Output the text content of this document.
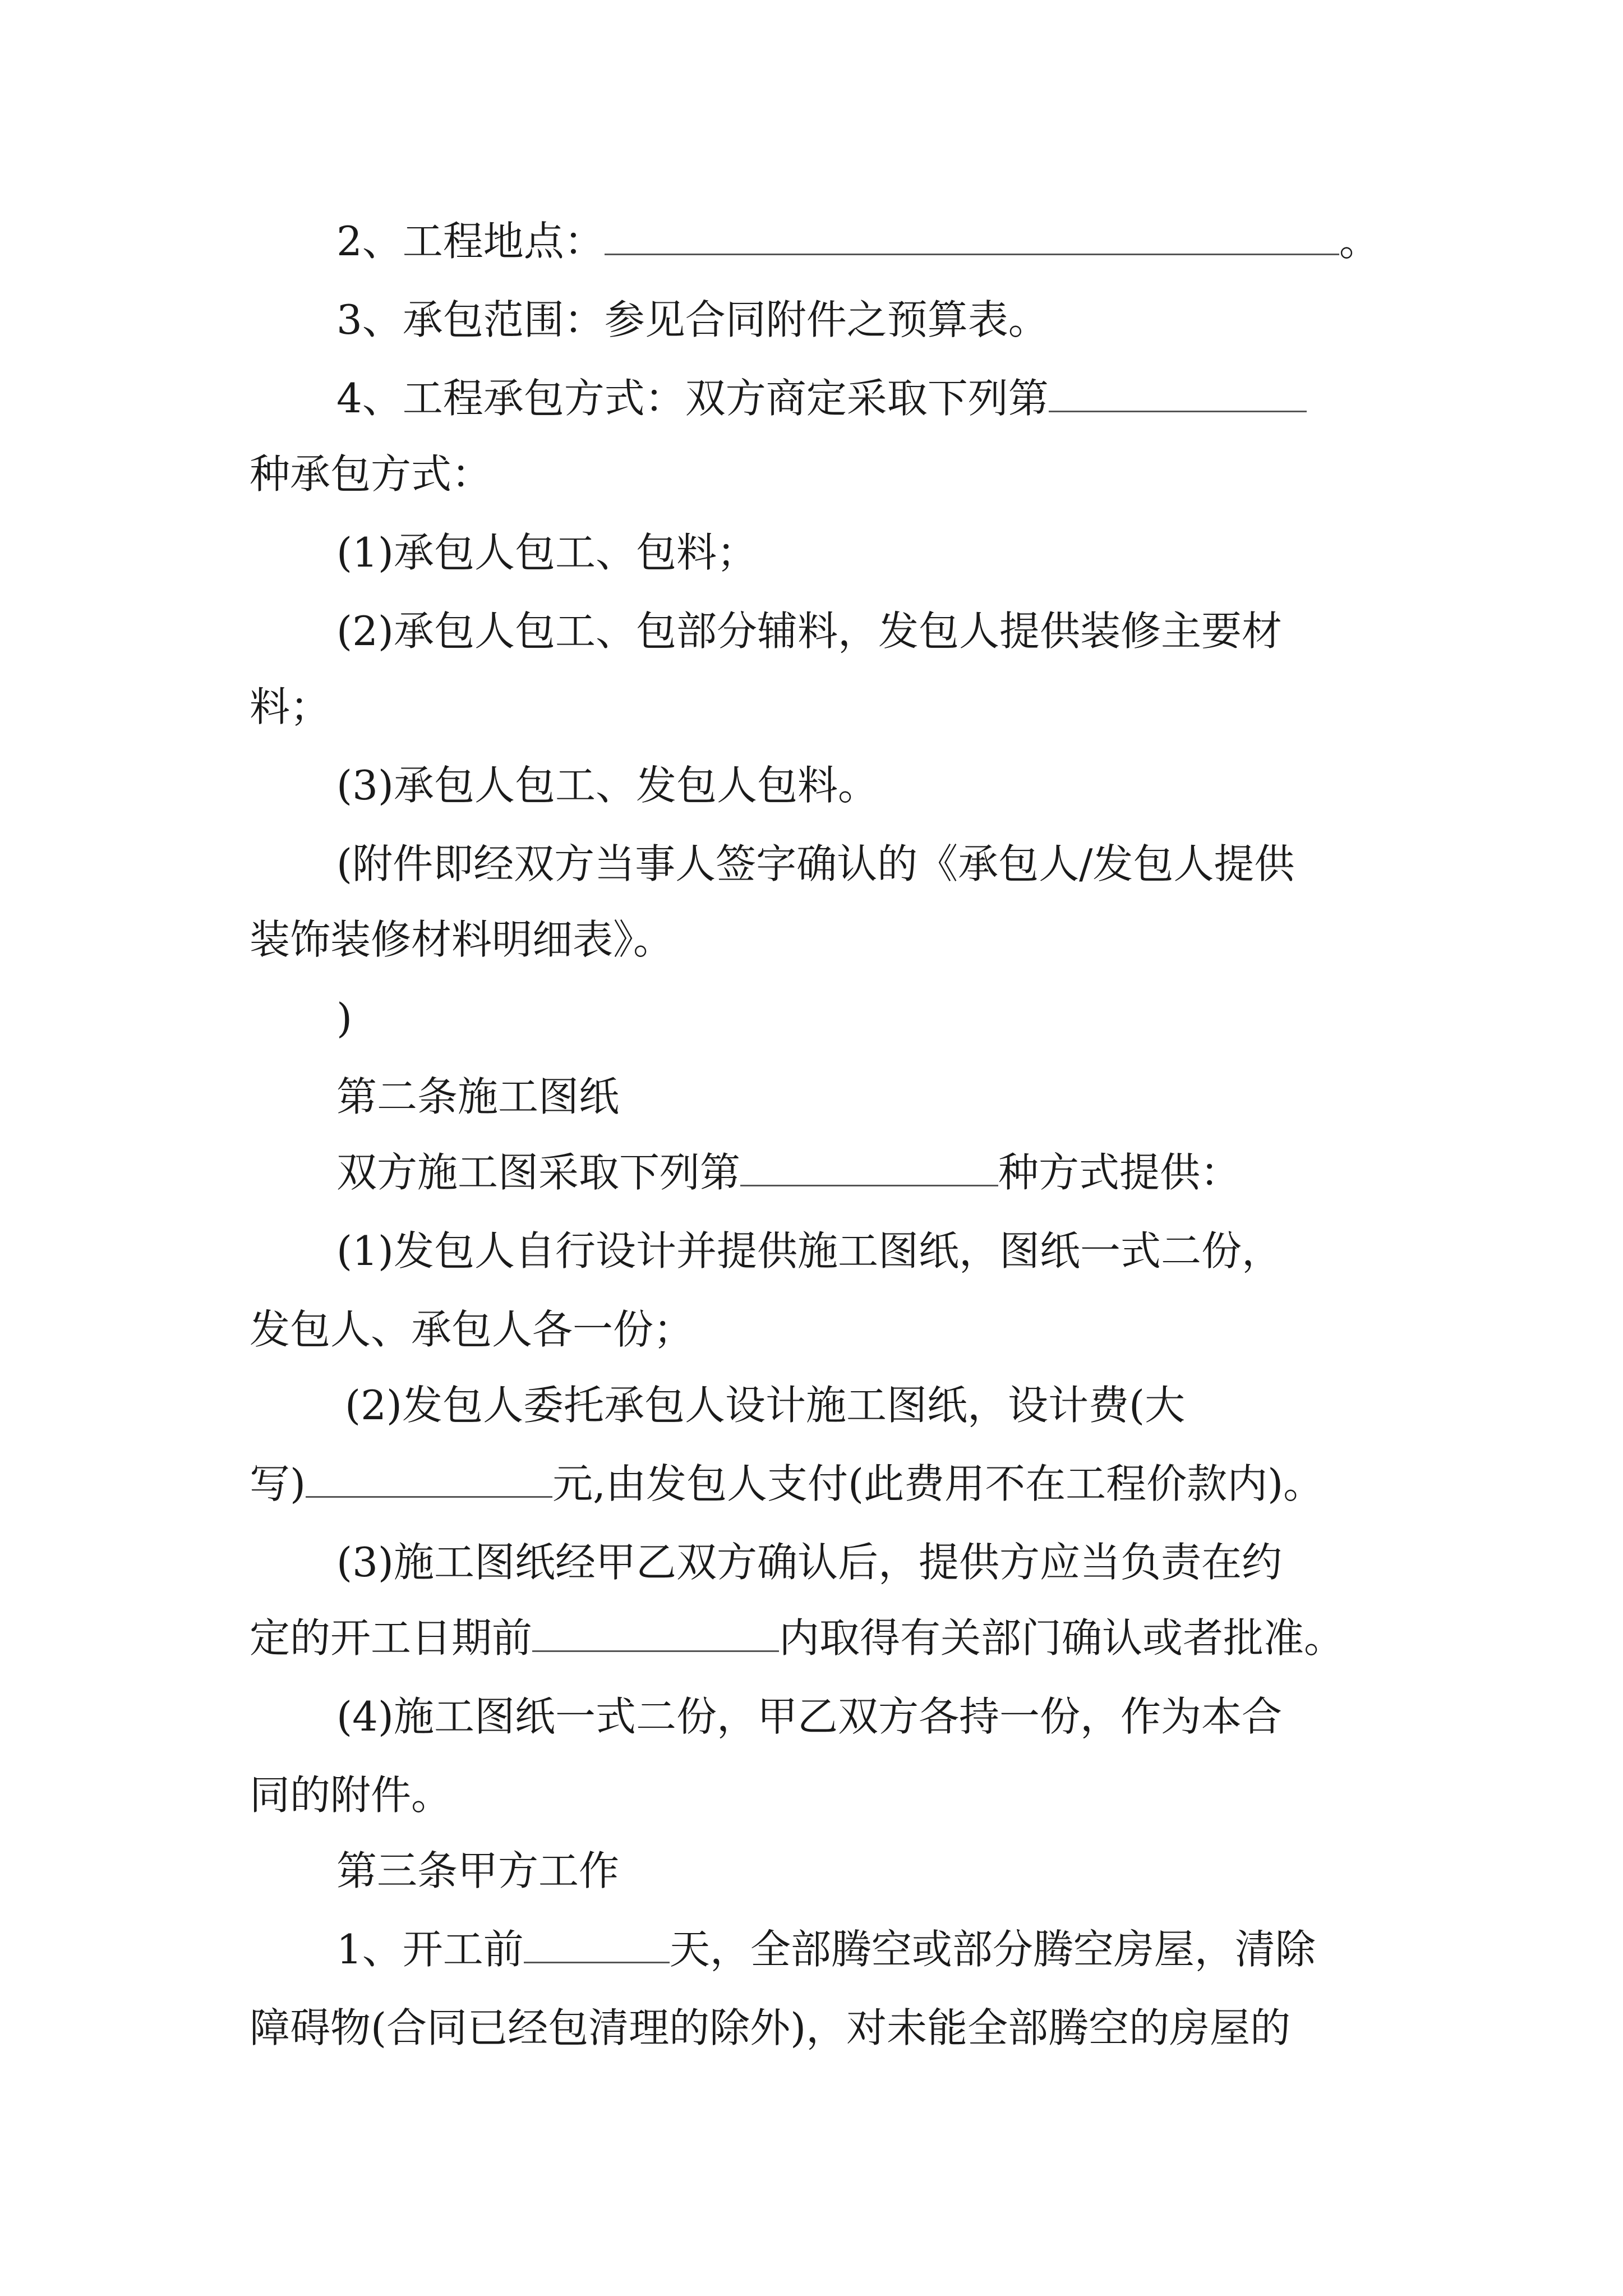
2、工程地点：	。
3、承包范围：参见合同附件之预算表。
4、工程承包方式：双方商定采取下列第
种承包方式：
(1)承包人包工、包料；
(2)承包人包工、包部分辅料，发包人提供装修主要材
料；
(3)承包人包工、发包人包料。
(附件即经双方当事人签字确认的《承包人/发包人提供
装饰装修材料明细表》。
)
第二条施工图纸
双方施工图采取下列第	种方式提供：
(1)发包人自行设计并提供施工图纸，图纸一式二份，
发包人、承包人各一份；
(2)发包人委托承包人设计施工图纸，设计费(大
写)	元,由发包人支付(此费用不在工程价款内)。
(3)施工图纸经甲乙双方确认后，提供方应当负责在约
定的开工日期前	内取得有关部门确认或者批准。
(4)施工图纸一式二份，甲乙双方各持一份，作为本合
同的附件。
第三条甲方工作
1、开工前	天，全部腾空或部分腾空房屋，清除
障碍物(合同已经包清理的除外)，对未能全部腾空的房屋的
